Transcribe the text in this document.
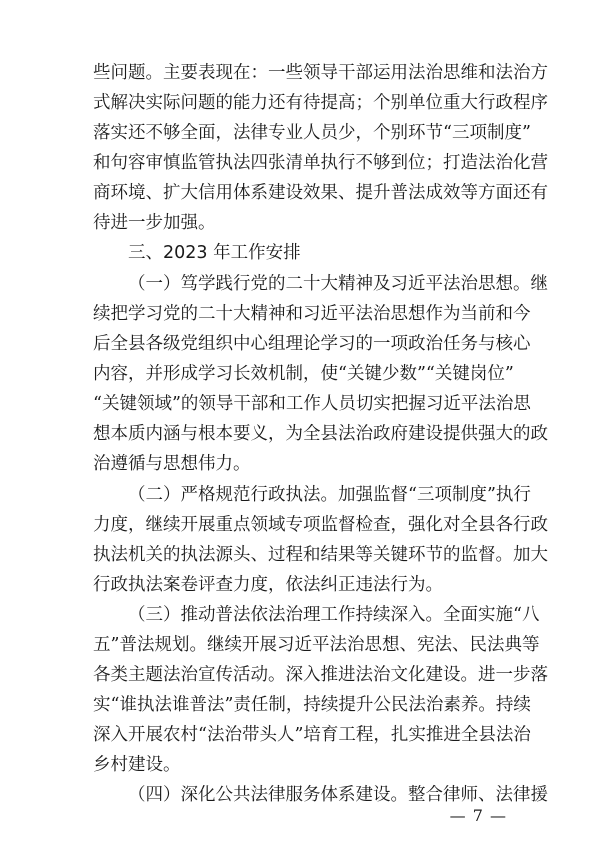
些问题。主要表现在：一些领导干部运用法治思维和法治方
式解决实际问题的能力还有待提高；个别单位重大行政程序
落实还不够全面，法律专业人员少，个别环节“三项制度”
和句容审慎监管执法四张清单执行不够到位；打造法治化营
商环境、扩大信用体系建设效果、提升普法成效等方面还有
待进一步加强。
三、2023 年工作安排
（一）笃学践行党的二十大精神及习近平法治思想。继
续把学习党的二十大精神和习近平法治思想作为当前和今
后全县各级党组织中心组理论学习的一项政治任务与核心
内容，并形成学习长效机制，使“关键少数”“关键岗位”
“关键领域”的领导干部和工作人员切实把握习近平法治思
想本质内涵与根本要义，为全县法治政府建设提供强大的政
治遵循与思想伟力。
（二）严格规范行政执法。加强监督“三项制度”执行
力度，继续开展重点领域专项监督检查，强化对全县各行政
执法机关的执法源头、过程和结果等关键环节的监督。加大
行政执法案卷评查力度，依法纠正违法行为。
（三）推动普法依法治理工作持续深入。全面实施“八
五”普法规划。继续开展习近平法治思想、宪法、民法典等
各类主题法治宣传活动。深入推进法治文化建设。进一步落
实“谁执法谁普法”责任制，持续提升公民法治素养。持续
深入开展农村“法治带头人”培育工程，扎实推进全县法治
乡村建设。
（四）深化公共法律服务体系建设。整合律师、法律援
— 7 —
